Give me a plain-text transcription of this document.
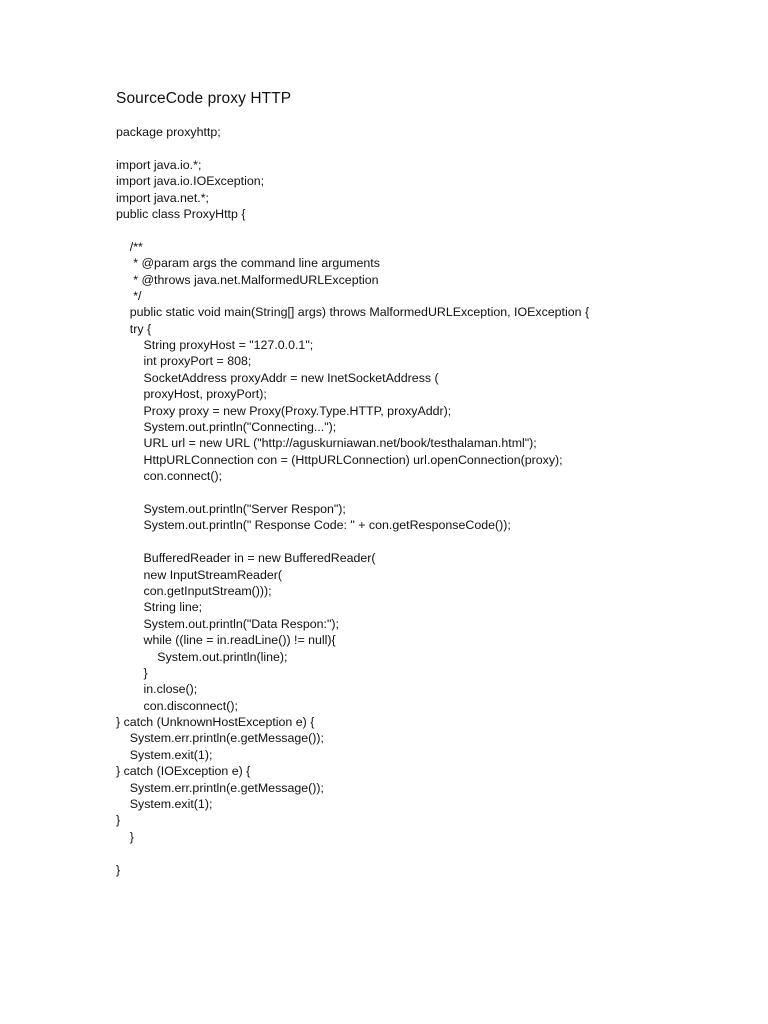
SourceCode proxy HTTP
package proxyhttp;
import java.io.*;
import java.io.IOException;
import java.net.*;
public class ProxyHttp {
/**
* @param args the command line arguments
* @throws java.net.MalformedURLException
*/
public static void main(String[] args) throws MalformedURLException, IOException {
try {
String proxyHost = "127.0.0.1";
int proxyPort = 808;
SocketAddress proxyAddr = new InetSocketAddress (
proxyHost, proxyPort);
Proxy proxy = new Proxy(Proxy.Type.HTTP, proxyAddr);
System.out.println("Connecting...");
URL url = new URL ("http://aguskurniawan.net/book/testhalaman.html");
HttpURLConnection con = (HttpURLConnection) url.openConnection(proxy);
con.connect();
System.out.println("Server Respon");
System.out.println(" Response Code: " + con.getResponseCode());
BufferedReader in = new BufferedReader(
new InputStreamReader(
con.getInputStream()));
String line;
System.out.println("Data Respon:");
while ((line = in.readLine()) != null){
System.out.println(line);
}
in.close();
con.disconnect();
} catch (UnknownHostException e) {
System.err.println(e.getMessage());
System.exit(1);
} catch (IOException e) {
System.err.println(e.getMessage());
System.exit(1);
}
}
}
